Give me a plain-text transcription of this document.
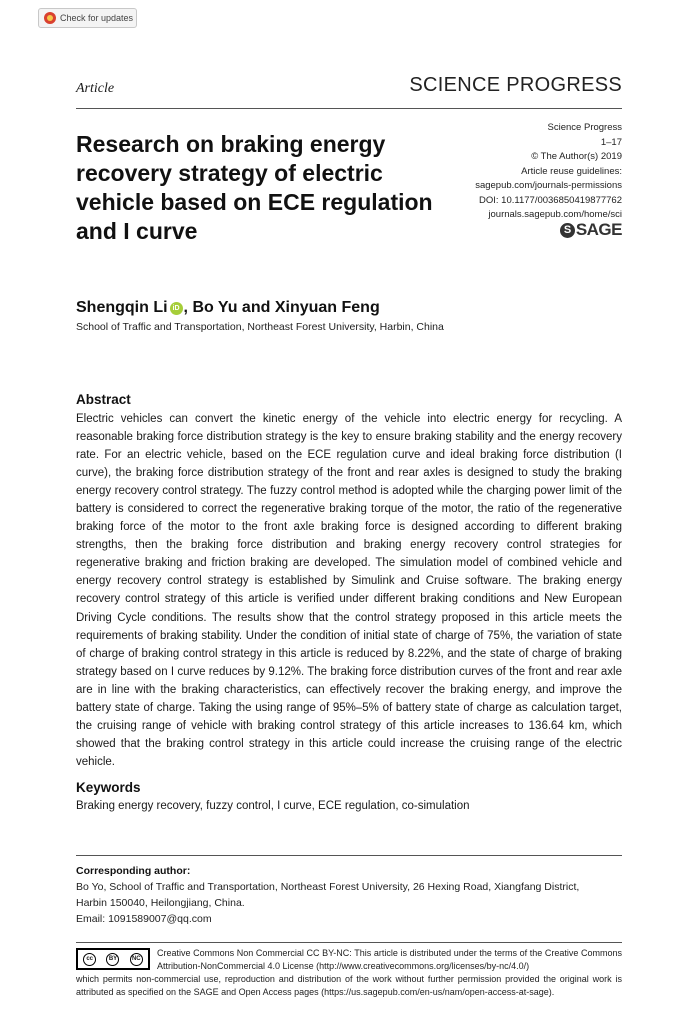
Check for updates
Article	SCIENCE PROGRESS
Research on braking energy recovery strategy of electric vehicle based on ECE regulation and I curve
Science Progress
1–17
© The Author(s) 2019
Article reuse guidelines:
sagepub.com/journals-permissions
DOI: 10.1177/0036850419877762
journals.sagepub.com/home/sci
S SAGE
Shengqin Li iD , Bo Yu and Xinyuan Feng
School of Traffic and Transportation, Northeast Forest University, Harbin, China
Abstract
Electric vehicles can convert the kinetic energy of the vehicle into electric energy for recycling. A reasonable braking force distribution strategy is the key to ensure braking stability and the energy recovery rate. For an electric vehicle, based on the ECE regulation curve and ideal braking force distribution (I curve), the braking force distribution strategy of the front and rear axles is designed to study the braking energy recovery control strategy. The fuzzy control method is adopted while the charging power limit of the battery is considered to correct the regenerative braking torque of the motor, the ratio of the regenerative braking force of the motor to the front axle braking force is designed according to different braking strengths, then the braking force distribution and braking energy recovery control strategies for regenerative braking and friction braking are developed. The simulation model of combined vehicle and energy recovery control strategy is established by Simulink and Cruise software. The braking energy recovery control strategy of this article is verified under different braking conditions and New European Driving Cycle conditions. The results show that the control strategy proposed in this article meets the requirements of braking stability. Under the condition of initial state of charge of 75%, the variation of state of charge of braking control strategy in this article is reduced by 8.22%, and the state of charge of braking strategy based on I curve reduces by 9.12%. The braking force distribution curves of the front and rear axle are in line with the braking characteristics, can effectively recover the braking energy, and improve the battery state of charge. Taking the using range of 95%–5% of battery state of charge as calculation target, the cruising range of vehicle with braking control strategy of this article increases to 136.64 km, which showed that the braking control strategy in this article could increase the cruising range of the electric vehicle.
Keywords
Braking energy recovery, fuzzy control, I curve, ECE regulation, co-simulation
Corresponding author:
Bo Yo, School of Traffic and Transportation, Northeast Forest University, 26 Hexing Road, Xiangfang District,
Harbin 150040, Heilongjiang, China.
Email: 1091589007@qq.com
cc	BY	NC
Creative Commons Non Commercial CC BY-NC: This article is distributed under the terms of the Creative Commons Attribution-NonCommercial 4.0 License (http://www.creativecommons.org/licenses/by-nc/4.0/)
which permits non-commercial use, reproduction and distribution of the work without further permission provided the original work is attributed as specified on the SAGE and Open Access pages (https://us.sagepub.com/en-us/nam/open-access-at-sage).
